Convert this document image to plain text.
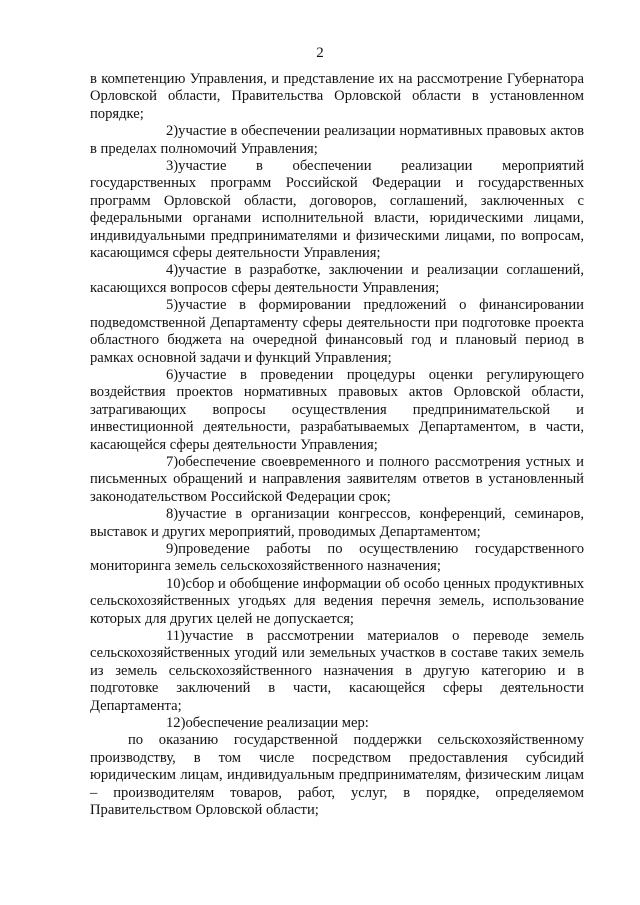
2

в компетенцию Управления, и представление их на рассмотрение Губернатора Орловской области, Правительства Орловской области в установленном порядке;

2)участие в обеспечении реализации нормативных правовых актов в пределах полномочий Управления;

3)участие в обеспечении реализации мероприятий государственных программ Российской Федерации и государственных программ Орловской области, договоров, соглашений, заключенных с федеральными органами исполнительной власти, юридическими лицами, индивидуальными предпринимателями и физическими лицами, по вопросам, касающимся сферы деятельности Управления;

4)участие в разработке, заключении и реализации соглашений, касающихся вопросов сферы деятельности Управления;

5)участие в формировании предложений о финансировании подведомственной Департаменту сферы деятельности при подготовке проекта областного бюджета на очередной финансовый год и плановый период в рамках основной задачи и функций Управления;

6)участие в проведении процедуры оценки регулирующего воздействия проектов нормативных правовых актов Орловской области, затрагивающих вопросы осуществления предпринимательской и инвестиционной деятельности, разрабатываемых Департаментом, в части, касающейся сферы деятельности Управления;

7)обеспечение своевременного и полного рассмотрения устных и письменных обращений и направления заявителям ответов в установленный законодательством Российской Федерации срок;

8)участие в организации конгрессов, конференций, семинаров, выставок и других мероприятий, проводимых Департаментом;

9)проведение работы по осуществлению государственного мониторинга земель сельскохозяйственного назначения;

10)сбор и обобщение информации об особо ценных продуктивных сельскохозяйственных угодьях для ведения перечня земель, использование которых для других целей не допускается;

11)участие в рассмотрении материалов о переводе земель сельскохозяйственных угодий или земельных участков в составе таких земель из земель сельскохозяйственного назначения в другую категорию и в подготовке заключений в части, касающейся сферы деятельности Департамента;

12)обеспечение реализации мер:

по оказанию государственной поддержки сельскохозяйственному производству, в том числе посредством предоставления субсидий юридическим лицам, индивидуальным предпринимателям, физическим лицам – производителям товаров, работ, услуг, в порядке, определяемом Правительством Орловской области;
